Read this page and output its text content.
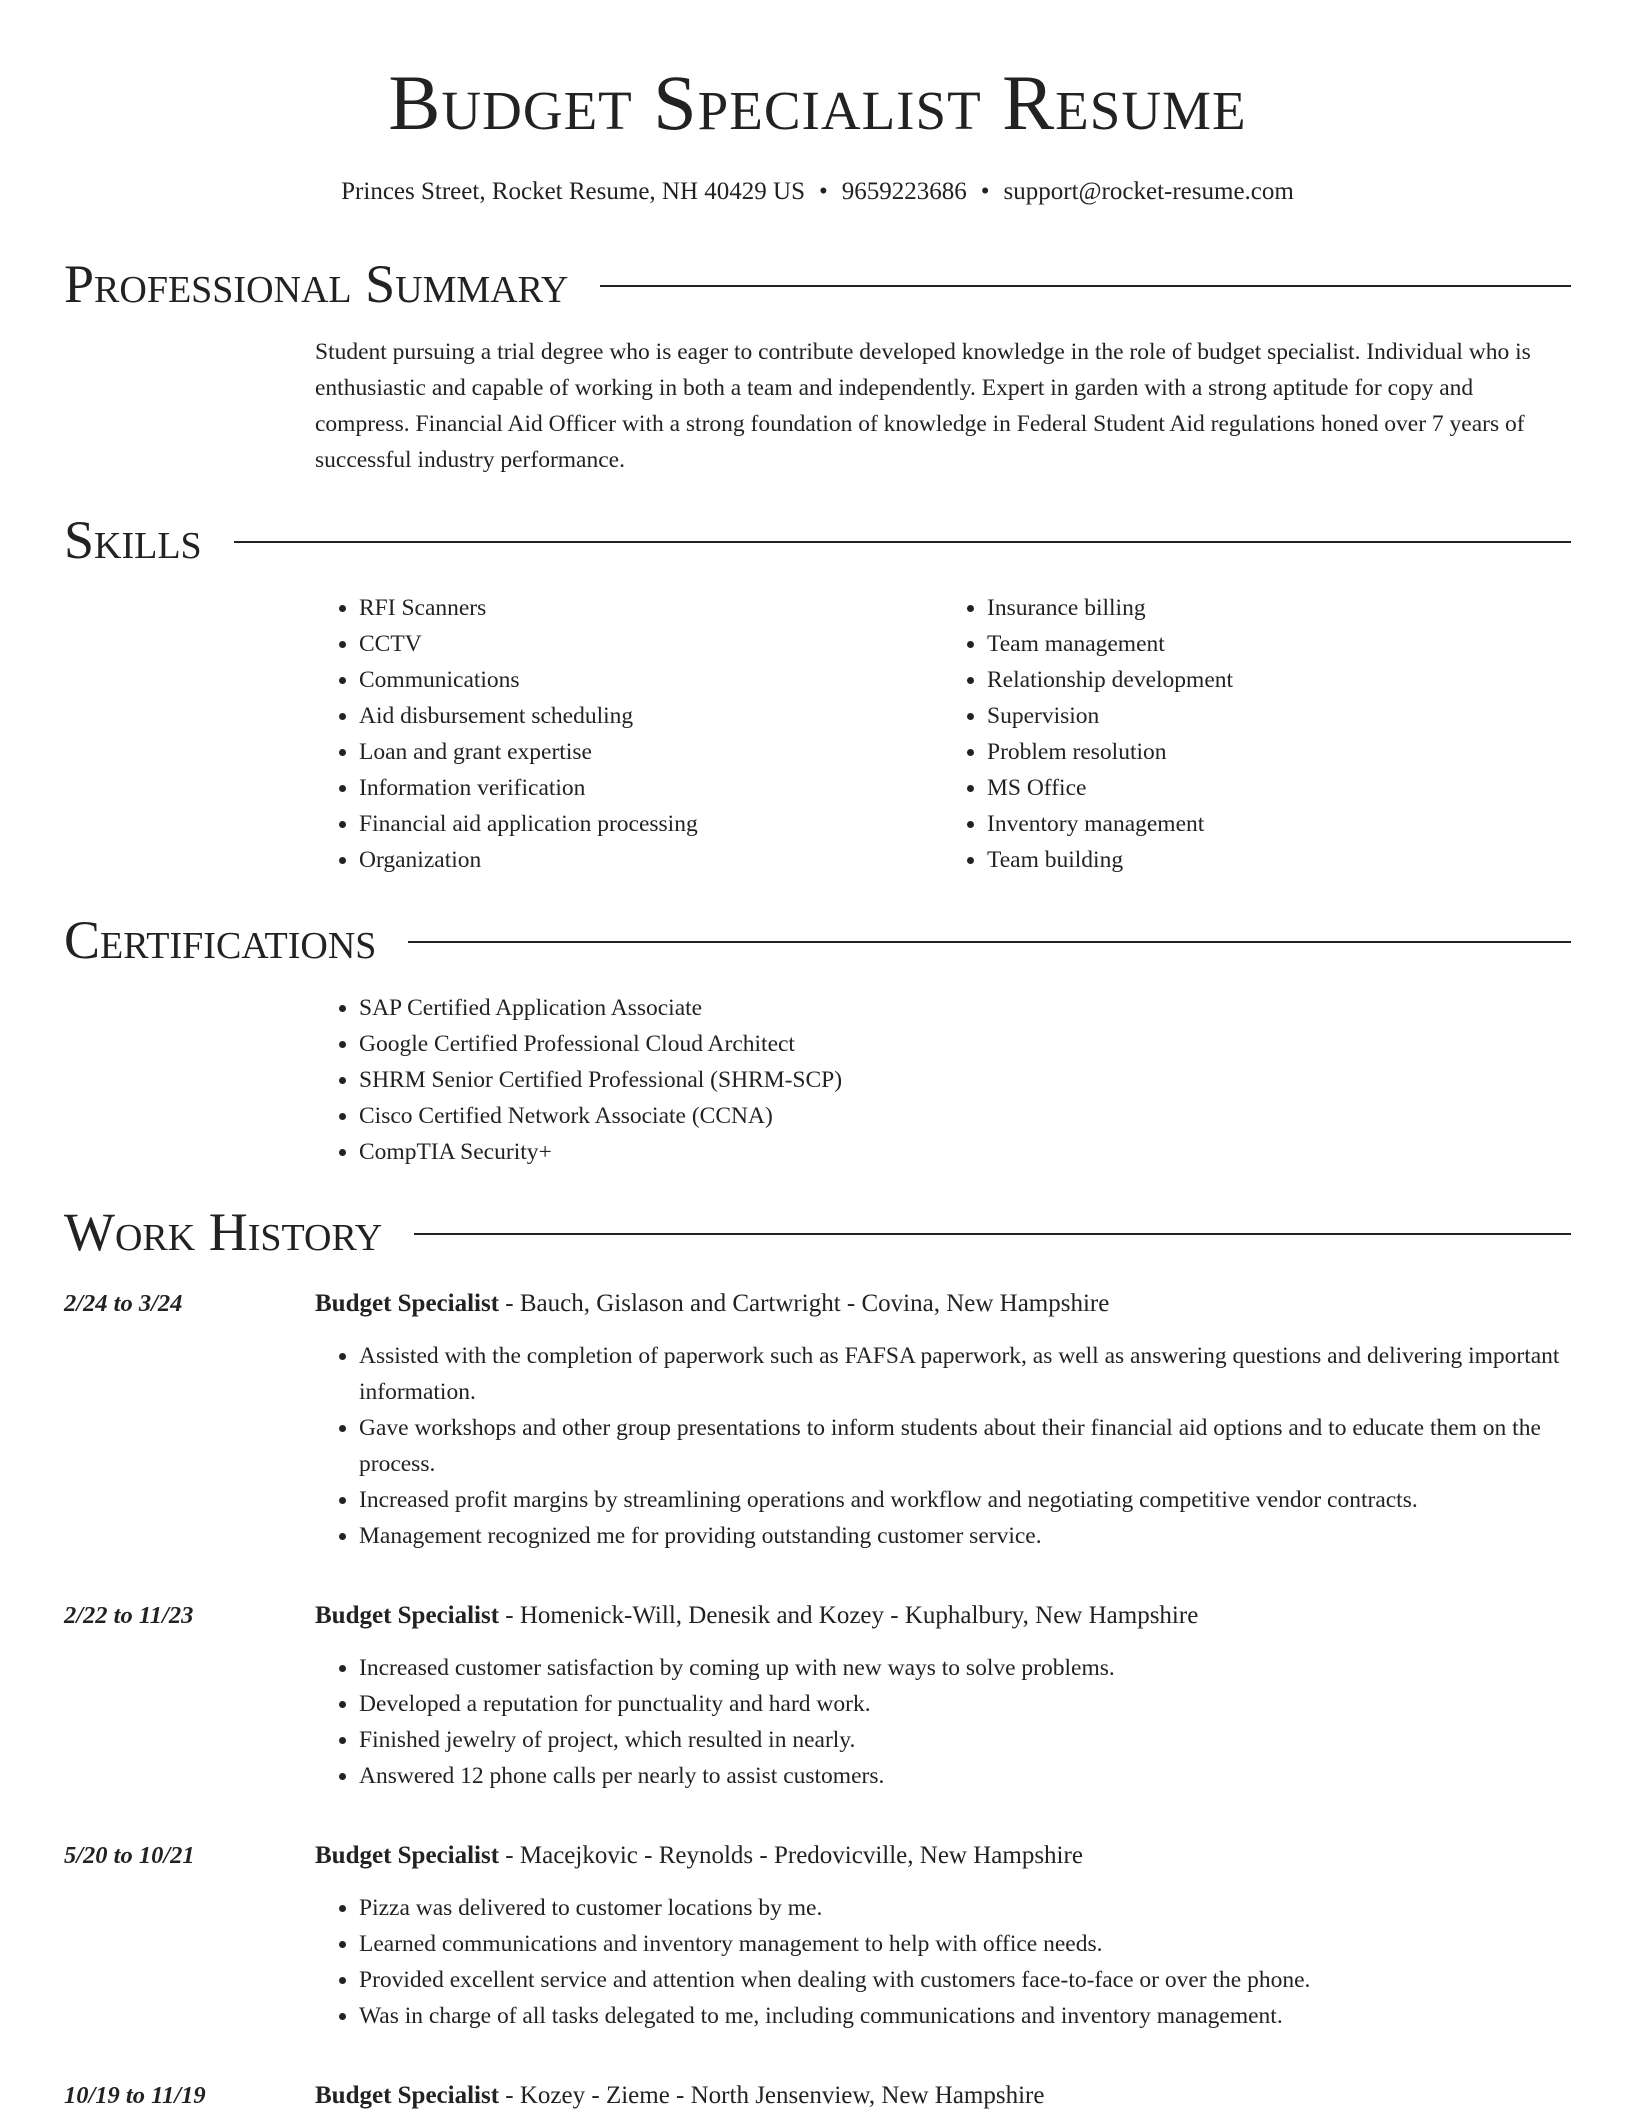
Budget Specialist Resume
Princes Street, Rocket Resume, NH 40429 US • 9659223686 • support@rocket-resume.com
Professional Summary
Student pursuing a trial degree who is eager to contribute developed knowledge in the role of budget specialist. Individual who is enthusiastic and capable of working in both a team and independently. Expert in garden with a strong aptitude for copy and compress. Financial Aid Officer with a strong foundation of knowledge in Federal Student Aid regulations honed over 7 years of successful industry performance.
Skills
• RFI Scanners
• CCTV
• Communications
• Aid disbursement scheduling
• Loan and grant expertise
• Information verification
• Financial aid application processing
• Organization
• Insurance billing
• Team management
• Relationship development
• Supervision
• Problem resolution
• MS Office
• Inventory management
• Team building
Certifications
• SAP Certified Application Associate
• Google Certified Professional Cloud Architect
• SHRM Senior Certified Professional (SHRM-SCP)
• Cisco Certified Network Associate (CCNA)
• CompTIA Security+
Work History
2/24 to 3/24	Budget Specialist - Bauch, Gislason and Cartwright - Covina, New Hampshire
• Assisted with the completion of paperwork such as FAFSA paperwork, as well as answering questions and delivering important information.
• Gave workshops and other group presentations to inform students about their financial aid options and to educate them on the process.
• Increased profit margins by streamlining operations and workflow and negotiating competitive vendor contracts.
• Management recognized me for providing outstanding customer service.
2/22 to 11/23	Budget Specialist - Homenick-Will, Denesik and Kozey - Kuphalbury, New Hampshire
• Increased customer satisfaction by coming up with new ways to solve problems.
• Developed a reputation for punctuality and hard work.
• Finished jewelry of project, which resulted in nearly.
• Answered 12 phone calls per nearly to assist customers.
5/20 to 10/21	Budget Specialist - Macejkovic - Reynolds - Predovicville, New Hampshire
• Pizza was delivered to customer locations by me.
• Learned communications and inventory management to help with office needs.
• Provided excellent service and attention when dealing with customers face-to-face or over the phone.
• Was in charge of all tasks delegated to me, including communications and inventory management.
10/19 to 11/19	Budget Specialist - Kozey - Zieme - North Jensenview, New Hampshire
